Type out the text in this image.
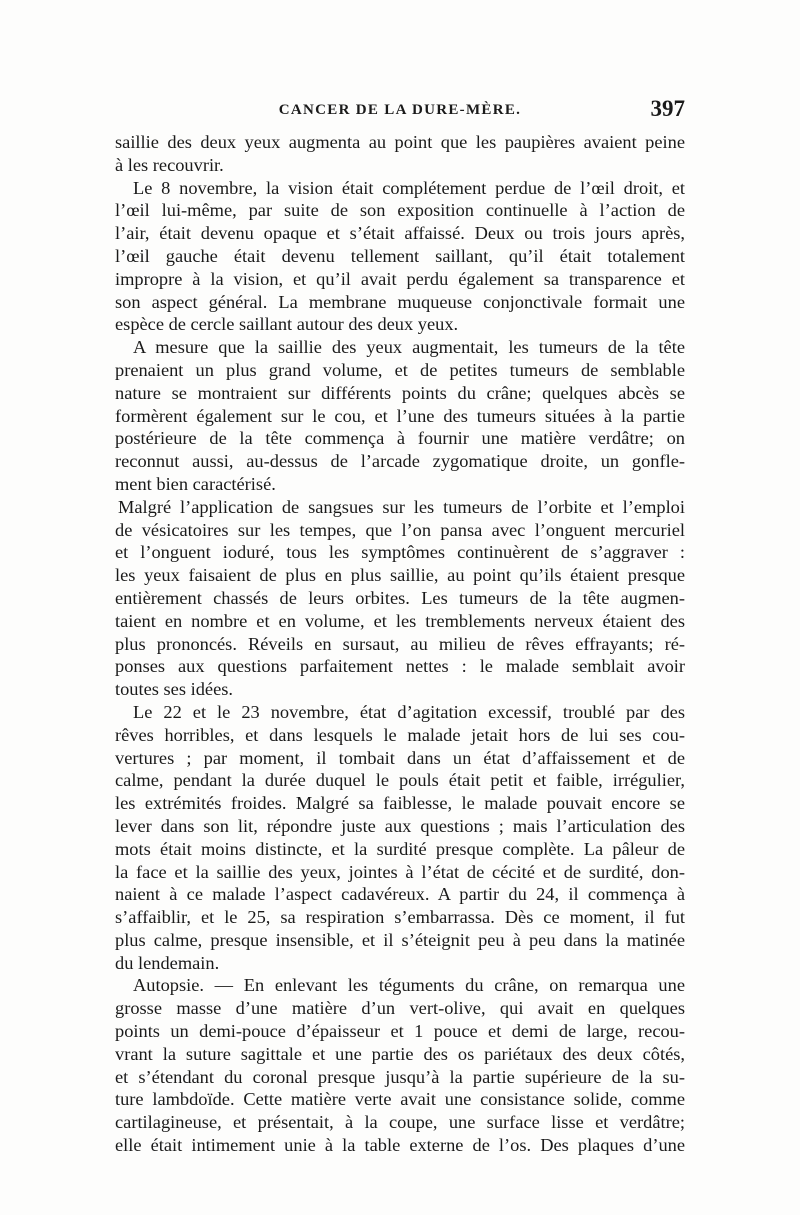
CANCER DE LA DURE-MÈRE.	397
saillie des deux yeux augmenta au point que les paupières avaient peine
à les recouvrir.
Le 8 novembre, la vision était complétement perdue de l’œil droit, et
l’œil lui-même, par suite de son exposition continuelle à l’action de
l’air, était devenu opaque et s’était affaissé. Deux ou trois jours après,
l’œil gauche était devenu tellement saillant, qu’il était totalement
impropre à la vision, et qu’il avait perdu également sa transparence et
son aspect général. La membrane muqueuse conjonctivale formait une
espèce de cercle saillant autour des deux yeux.
A mesure que la saillie des yeux augmentait, les tumeurs de la tête
prenaient un plus grand volume, et de petites tumeurs de semblable
nature se montraient sur différents points du crâne; quelques abcès se
formèrent également sur le cou, et l’une des tumeurs situées à la partie
postérieure de la tête commença à fournir une matière verdâtre; on
reconnut aussi, au-dessus de l’arcade zygomatique droite, un gonfle-
ment bien caractérisé.
Malgré l’application de sangsues sur les tumeurs de l’orbite et l’emploi
de vésicatoires sur les tempes, que l’on pansa avec l’onguent mercuriel
et l’onguent ioduré, tous les symptômes continuèrent de s’aggraver :
les yeux faisaient de plus en plus saillie, au point qu’ils étaient presque
entièrement chassés de leurs orbites. Les tumeurs de la tête augmen-
taient en nombre et en volume, et les tremblements nerveux étaient des
plus prononcés. Réveils en sursaut, au milieu de rêves effrayants; ré-
ponses aux questions parfaitement nettes : le malade semblait avoir
toutes ses idées.
Le 22 et le 23 novembre, état d’agitation excessif, troublé par des
rêves horribles, et dans lesquels le malade jetait hors de lui ses cou-
vertures ; par moment, il tombait dans un état d’affaissement et de
calme, pendant la durée duquel le pouls était petit et faible, irrégulier,
les extrémités froides. Malgré sa faiblesse, le malade pouvait encore se
lever dans son lit, répondre juste aux questions ; mais l’articulation des
mots était moins distincte, et la surdité presque complète. La pâleur de
la face et la saillie des yeux, jointes à l’état de cécité et de surdité, don-
naient à ce malade l’aspect cadavéreux. A partir du 24, il commença à
s’affaiblir, et le 25, sa respiration s’embarrassa. Dès ce moment, il fut
plus calme, presque insensible, et il s’éteignit peu à peu dans la matinée
du lendemain.
Autopsie. — En enlevant les téguments du crâne, on remarqua une
grosse masse d’une matière d’un vert-olive, qui avait en quelques
points un demi-pouce d’épaisseur et 1 pouce et demi de large, recou-
vrant la suture sagittale et une partie des os pariétaux des deux côtés,
et s’étendant du coronal presque jusqu’à la partie supérieure de la su-
ture lambdoïde. Cette matière verte avait une consistance solide, comme
cartilagineuse, et présentait, à la coupe, une surface lisse et verdâtre;
elle était intimement unie à la table externe de l’os. Des plaques d’une
